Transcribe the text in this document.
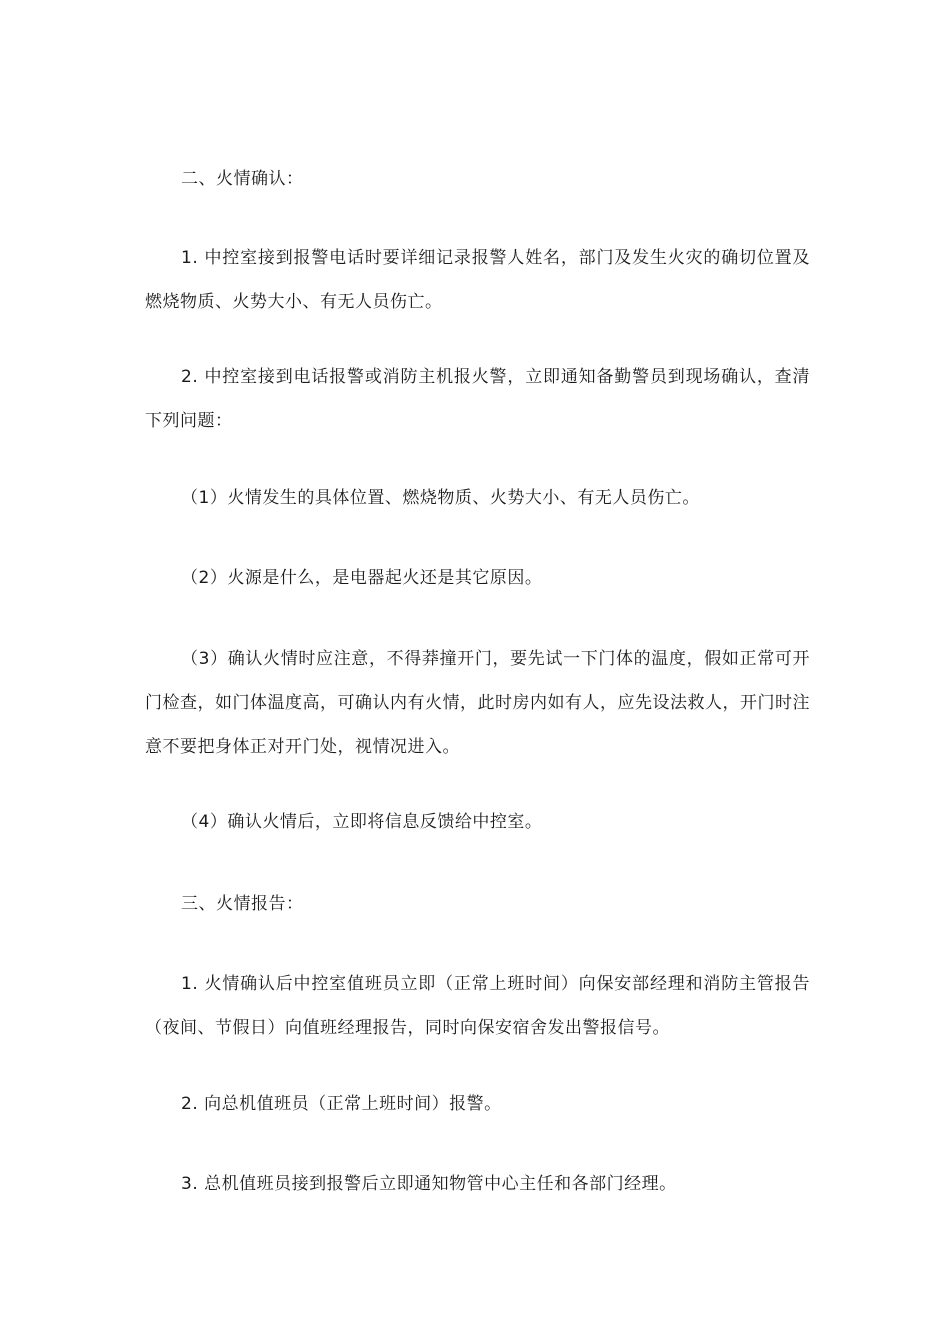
二、火情确认：

1. 中控室接到报警电话时要详细记录报警人姓名，部门及发生火灾的确切位置及燃烧物质、火势大小、有无人员伤亡。

2. 中控室接到电话报警或消防主机报火警，立即通知备勤警员到现场确认，查清下列问题：

（1）火情发生的具体位置、燃烧物质、火势大小、有无人员伤亡。

（2）火源是什么，是电器起火还是其它原因。

（3）确认火情时应注意，不得莽撞开门，要先试一下门体的温度，假如正常可开门检查，如门体温度高，可确认内有火情，此时房内如有人，应先设法救人，开门时注意不要把身体正对开门处，视情况进入。

（4）确认火情后，立即将信息反馈给中控室。

三、火情报告：

1. 火情确认后中控室值班员立即（正常上班时间）向保安部经理和消防主管报告（夜间、节假日）向值班经理报告，同时向保安宿舍发出警报信号。

2. 向总机值班员（正常上班时间）报警。

3. 总机值班员接到报警后立即通知物管中心主任和各部门经理。
